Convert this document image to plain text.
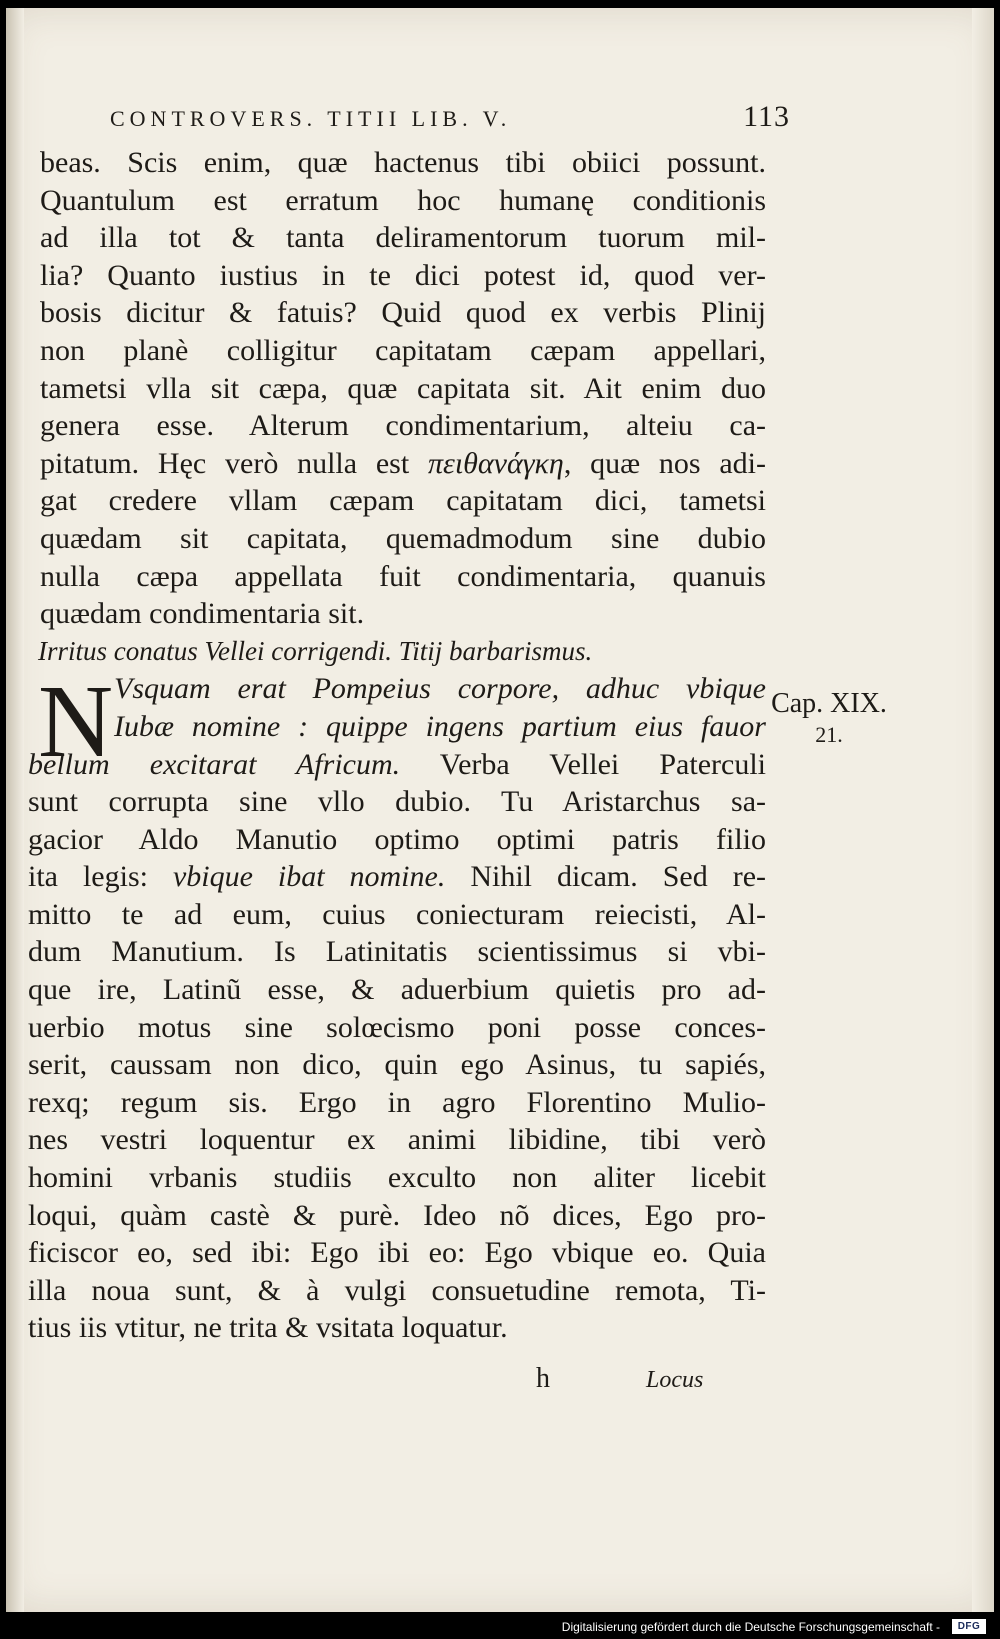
CONTROVERS. TITII LIB. V.	113
beas. Scis enim, quæ hactenus tibi obiici possunt.
Quantulum est erratum hoc humanę conditionis
ad illa tot & tanta deliramentorum tuorum mil-
lia? Quanto iustius in te dici potest id, quod ver-
bosis dicitur & fatuis? Quid quod ex verbis Plinij
non planè colligitur capitatam cæpam appellari,
tametsi vlla sit cæpa, quæ capitata sit. Ait enim duo
genera esse. Alterum condimentarium, alteiu ca-
pitatum. Hęc verò nulla est πειθανάγκη, quæ nos adi-
gat credere vllam cæpam capitatam dici, tametsi
quædam sit capitata, quemadmodum sine dubio
nulla cæpa appellata fuit condimentaria, quanuis
quædam condimentaria sit.
Irritus conatus Vellei corrigendi. Titij barbarismus.
Vsquam erat Pompeius corpore, adhuc vbique
Iubæ nomine : quippe ingens partium eius fauor
bellum excitarat Africum. Verba Vellei Paterculi
sunt corrupta sine vllo dubio. Tu Aristarchus sa-
gacior Aldo Manutio optimo optimi patris filio
ita legis: vbique ibat nomine. Nihil dicam. Sed re-
mitto te ad eum, cuius coniecturam reiecisti, Al-
dum Manutium. Is Latinitatis scientissimus si vbi-
que ire, Latinũ esse, & aduerbium quietis pro ad-
uerbio motus sine solœcismo poni posse conces-
serit, caussam non dico, quin ego Asinus, tu sapiés,
rexq; regum sis. Ergo in agro Florentino Mulio-
nes vestri loquentur ex animi libidine, tibi verò
homini vrbanis studiis exculto non aliter licebit
loqui, quàm castè & purè. Ideo nõ dices, Ego pro-
ficiscor eo, sed ibi: Ego ibi eo: Ego vbique eo. Quia
illa noua sunt, & à vulgi consuetudine remota, Ti-
tius iis vtitur, ne trita & vsitata loquatur.
N	Cap. XIX.
21.
h	Locus
Digitalisierung gefördert durch die Deutsche Forschungsgemeinschaft -	DFG
